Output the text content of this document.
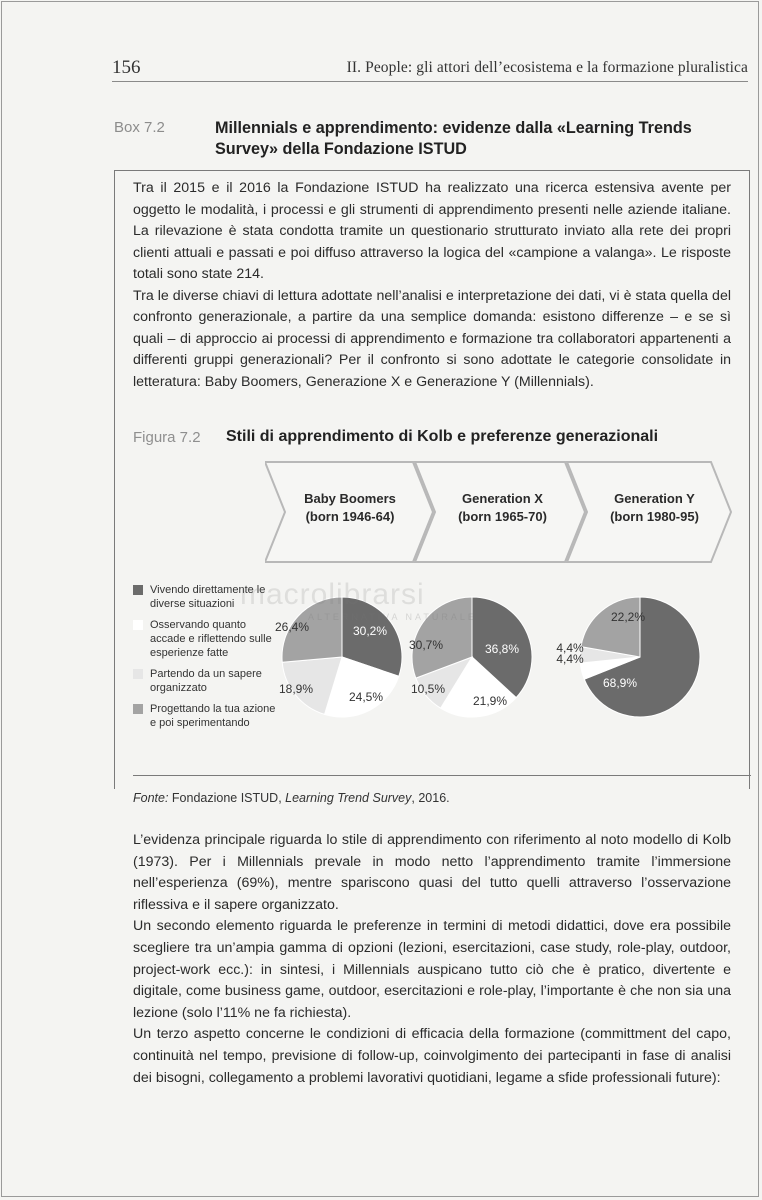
156	II. People: gli attori dell’ecosistema e la formazione pluralistica
Box 7.2	Millennials e apprendimento: evidenze dalla «Learning Trends Survey» della Fondazione ISTUD

Tra il 2015 e il 2016 la Fondazione ISTUD ha realizzato una ricerca estensiva avente per oggetto le modalità, i processi e gli strumenti di apprendimento presenti nelle aziende italiane. La rilevazione è stata condotta tramite un questionario strutturato inviato alla rete dei propri clienti attuali e passati e poi diffuso attraverso la logica del «campione a valanga». Le risposte totali sono state 214.

Tra le diverse chiavi di lettura adottate nell’analisi e interpretazione dei dati, vi è stata quella del confronto generazionale, a partire da una semplice domanda: esistono differenze – e se sì quali – di approccio ai processi di apprendimento e formazione tra collaboratori appartenenti a differenti gruppi generazionali? Per il confronto si sono adottate le categorie consolidate in letteratura: Baby Boomers, Generazione X e Generazione Y (Millennials).

Figura 7.2 Stili di apprendimento di Kolb e preferenze generazionali
Baby Boomers
(born 1946-64)
Generation X
(born 1965-70)
Generation Y
(born 1980-95)
Vivendo direttamente le diverse situazioni
Osservando quanto accade e riflettendo sulle esperienze fatte
Partendo da un sapere organizzato
Progettando la tua azione e poi sperimentando
30,2%
24,5%
18,9%
26,4%
36,8%
21,9%
10,5%
30,7%
68,9%
4,4%
4,4%
22,2%
macrolibrarsi
ALTERNATIVA NATURALE
Fonte: Fondazione ISTUD, Learning Trend Survey, 2016.

L’evidenza principale riguarda lo stile di apprendimento con riferimento al noto modello di Kolb (1973). Per i Millennials prevale in modo netto l’apprendimento tramite l’immersione nell’esperienza (69%), mentre spariscono quasi del tutto quelli attraverso l’osservazione riflessiva e il sapere organizzato.

Un secondo elemento riguarda le preferenze in termini di metodi didattici, dove era possibile scegliere tra un’ampia gamma di opzioni (lezioni, esercitazioni, case study, role-play, outdoor, project-work ecc.): in sintesi, i Millennials auspicano tutto ciò che è pratico, divertente e digitale, come business game, outdoor, esercitazioni e role-play, l’importante è che non sia una lezione (solo l’11% ne fa richiesta).

Un terzo aspetto concerne le condizioni di efficacia della formazione (committment del capo, continuità nel tempo, previsione di follow-up, coinvolgimento dei partecipanti in fase di analisi dei bisogni, collegamento a problemi lavorativi quotidiani, legame a sfide professionali future):
